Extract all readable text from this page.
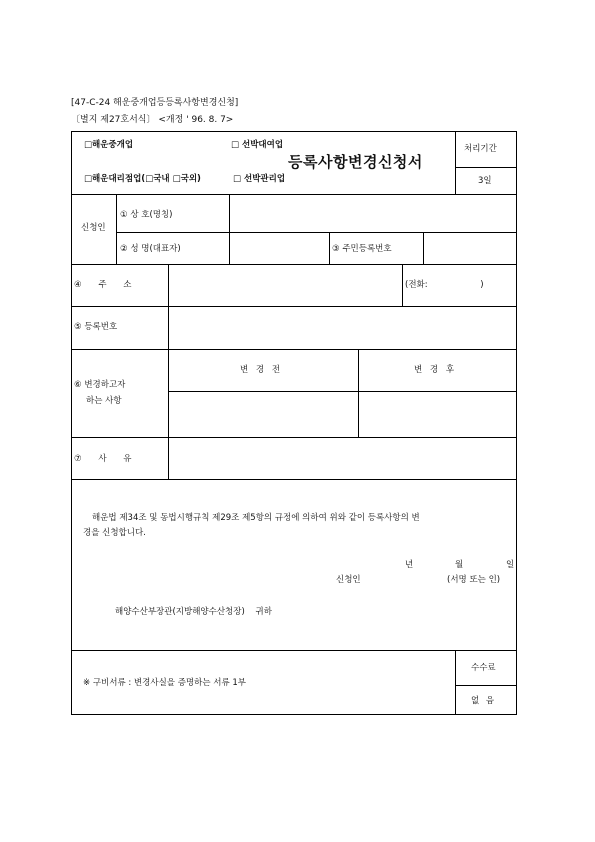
[47-C-24 해운중개업등등록사항변경신청]
〔별지 제27호서식〕 <개정 ' 96. 8. 7>
□해운중개업	□ 선박대여업
등록사항변경신청서
□해운대리점업(□국내 □국외)	□ 선박관리업
처리기간
3일
신청인
① 상 호(명칭)
② 성 명(대표자)	③ 주민등록번호
④ 주 소	(전화: )
⑤ 등록번호
⑥ 변경하고자
하는 사항
변 경 전	변 경 후
⑦ 사 유
해운법 제34조 및 동법시행규칙 제29조 제5항의 규정에 의하여 위와 같이 등록사항의 변
경을 신청합니다.
년	월	일
신청인	(서명 또는 인)
해양수산부장관(지방해양수산청장) 귀하
※ 구비서류 : 변경사실을 증명하는 서류 1부
수수료
없 음
